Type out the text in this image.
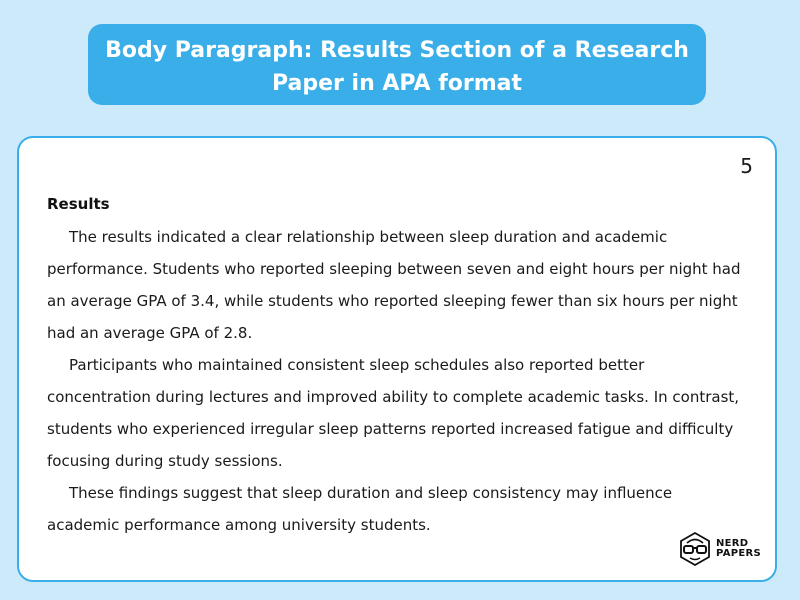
Body Paragraph: Results Section of a Research
Paper in APA format
5
Results

The results indicated a clear relationship between sleep duration and academic performance. Students who reported sleeping between seven and eight hours per night had an average GPA of 3.4, while students who reported sleeping fewer than six hours per night had an average GPA of 2.8.

Participants who maintained consistent sleep schedules also reported better concentration during lectures and improved ability to complete academic tasks. In contrast, students who experienced irregular sleep patterns reported increased fatigue and difficulty focusing during study sessions.

These findings suggest that sleep duration and sleep consistency may influence academic performance among university students.

NERD
PAPERS
